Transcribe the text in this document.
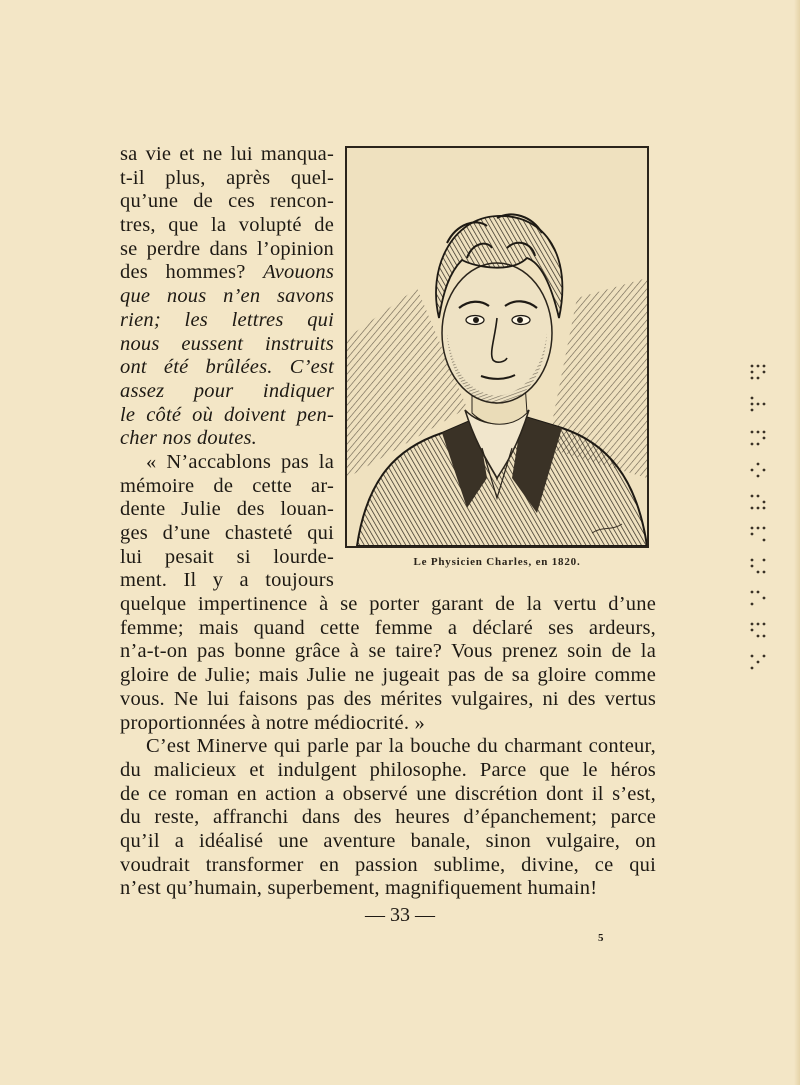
sa vie et ne lui manqua-
t-il plus, après quel-
qu’une de ces rencon-
tres, que la volupté de
se perdre dans l’opinion
des hommes? Avouons
que nous n’en savons
rien; les lettres qui
nous eussent instruits
ont été brûlées. C’est
assez pour indiquer
le côté où doivent pen-
cher nos doutes.
« N’accablons pas la
mémoire de cette ar-
dente Julie des louan-
ges d’une chasteté qui
lui pesait si lourde-
ment. Il y a toujours
quelque impertinence à se porter garant de la vertu d’une
femme; mais quand cette femme a déclaré ses ardeurs,
n’a-t-on pas bonne grâce à se taire? Vous prenez soin de la
gloire de Julie; mais Julie ne jugeait pas de sa gloire comme
vous. Ne lui faisons pas des mérites vulgaires, ni des vertus
proportionnées à notre médiocrité. »
C’est Minerve qui parle par la bouche du charmant conteur,
du malicieux et indulgent philosophe. Parce que le héros
de ce roman en action a observé une discrétion dont il s’est,
du reste, affranchi dans des heures d’épanchement; parce
qu’il a idéalisé une aventure banale, sinon vulgaire, on
voudrait transformer en passion sublime, divine, ce qui
n’est qu’humain, superbement, magnifiquement humain!
Le Physicien Charles, en 1820.
— 33 —
5
